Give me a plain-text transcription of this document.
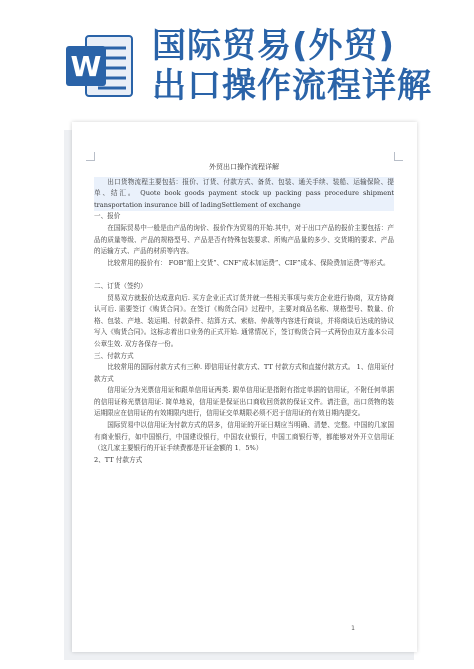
W
国际贸易(外贸)
出口操作流程详解
外贸出口操作流程详解

出口货物流程主要包括：报价、订货、付款方式、备货、包装、通关手续、装船、运输保险、提单、结汇。 Quote book goods payment stock up packing pass procedure shipment transportation insurance bill of ladingSettlement of exchange

一、报价

在国际贸易中一般是由产品的询价、报价作为贸易的开始.其中，对于出口产品的报价主要包括：产品的质量等级、产品的规格型号、产品是否有特殊包装要求、所购产品量的多少、交货期的要求、产品的运输方式、产品的材质等内容。

比较常用的报价有： FOB”船上交货”、CNF”成本加运费”、CIF”成本、保险费加运费”等形式。

二、订货（签约）

贸易双方就报价达成意向后. 买方企业正式订货并就一些相关事项与卖方企业进行协商，双方协商认可后. 需要签订《购货合同》。在签订《购货合同》过程中，主要对商品名称、规格型号、数量、价格、包装、产地、装运期、付款条件、结算方式、索赔、仲裁等内容进行商谈，并将商谈后达成的协议写入《购货合同》。这标志着出口业务的正式开始. 通常情况下，签订购货合同一式两份由双方盖本公司公章生效. 双方各保存一份。

三、付款方式

比较常用的国际付款方式有三种. 即信用证付款方式、TT 付款方式和直接付款方式。 1、信用证付款方式

信用证分为光票信用证和跟单信用证两类. 跟单信用证是指附有指定单据的信用证，不附任何单据的信用证称光票信用证. 简单地说，信用证是保证出口商收回货款的保证文件。请注意，出口货物的装运期限应在信用证的有效期限内进行，信用证交单期限必须不迟于信用证的有效日期内提交。

国际贸易中以信用证为付款方式的居多，信用证的开证日期应当明确、清楚、完整。中国的几家国有商业银行，如中国银行，中国建设银行，中国农业银行，中国工商银行等，都能够对外开立信用证（这几家主要银行的开证手续费都是开证金额的 1．5%）

2、TT 付款方式

1
